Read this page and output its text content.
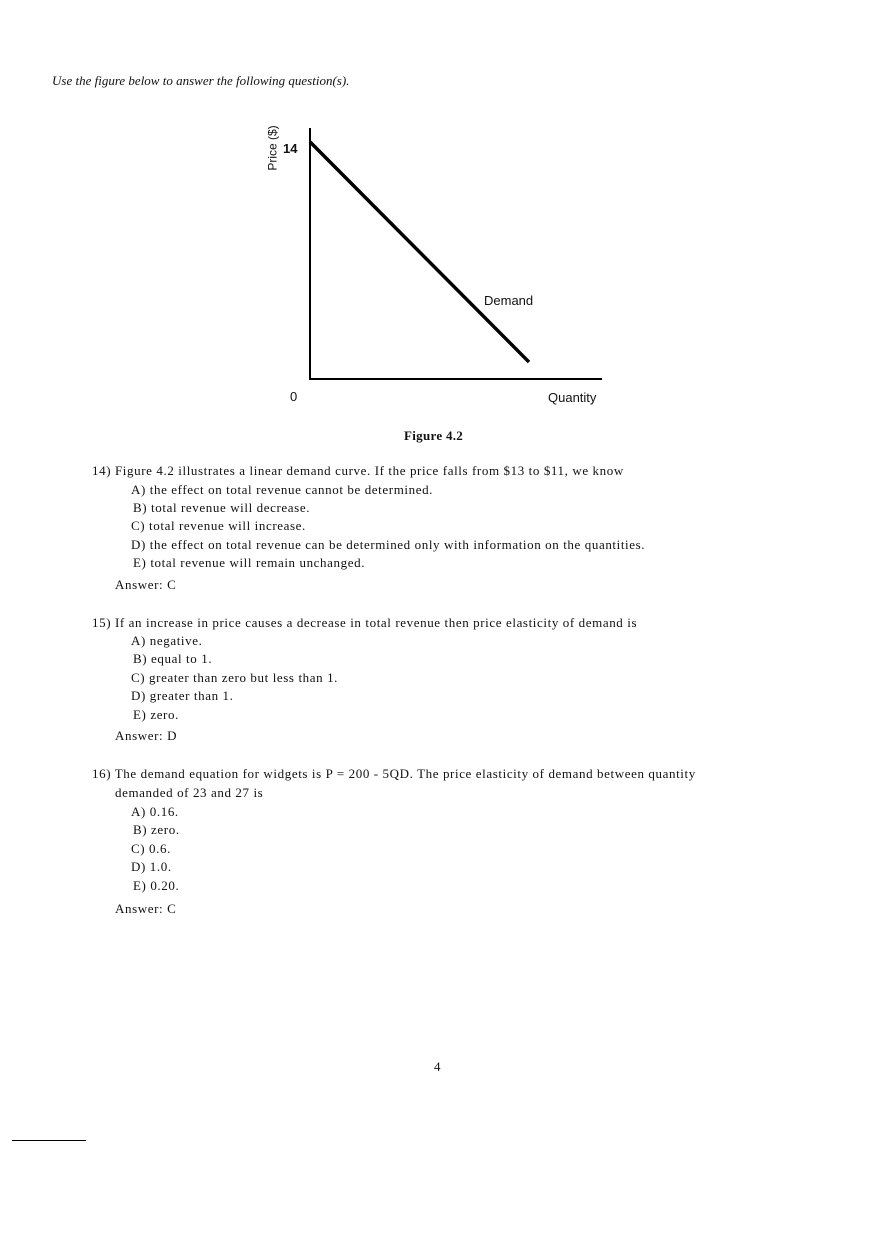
Use the figure below to answer the following question(s).
Price ($) 14
Demand
0	Quantity
Figure 4.2
14) Figure 4.2 illustrates a linear demand curve. If the price falls from $13 to $11, we know
A) the effect on total revenue cannot be determined.
B) total revenue will decrease.
C) total revenue will increase.
D) the effect on total revenue can be determined only with information on the quantities.
E) total revenue will remain unchanged.
Answer: C
15) If an increase in price causes a decrease in total revenue then price elasticity of demand is
A) negative.
B) equal to 1.
C) greater than zero but less than 1.
D) greater than 1.
E) zero.
Answer: D
16) The demand equation for widgets is P = 200 - 5QD. The price elasticity of demand between quantity
demanded of 23 and 27 is
A) 0.16.
B) zero.
C) 0.6.
D) 1.0.
E) 0.20.
Answer: C
4
